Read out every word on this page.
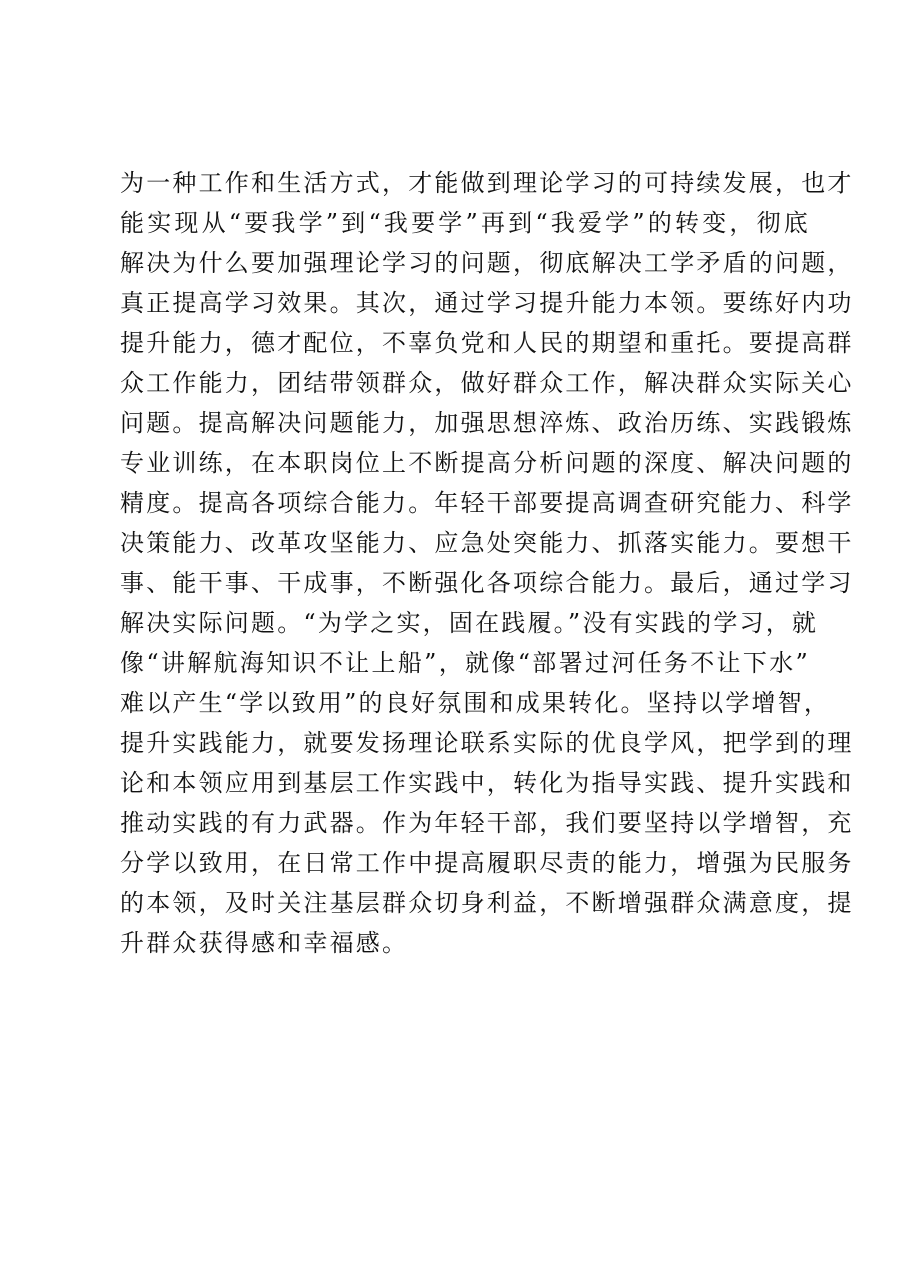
为一种工作和生活方式，才能做到理论学习的可持续发展，也才
能实现从“要我学”到“我要学”再到“我爱学”的转变，彻底
解决为什么要加强理论学习的问题，彻底解决工学矛盾的问题，
真正提高学习效果。其次，通过学习提升能力本领。要练好内功
提升能力，德才配位，不辜负党和人民的期望和重托。要提高群
众工作能力，团结带领群众，做好群众工作，解决群众实际关心
问题。提高解决问题能力，加强思想淬炼、政治历练、实践锻炼
专业训练，在本职岗位上不断提高分析问题的深度、解决问题的
精度。提高各项综合能力。年轻干部要提高调查研究能力、科学
决策能力、改革攻坚能力、应急处突能力、抓落实能力。要想干
事、能干事、干成事，不断强化各项综合能力。最后，通过学习
解决实际问题。“为学之实，固在践履。”没有实践的学习，就
像“讲解航海知识不让上船”，就像“部署过河任务不让下水”
难以产生“学以致用”的良好氛围和成果转化。坚持以学增智，
提升实践能力，就要发扬理论联系实际的优良学风，把学到的理
论和本领应用到基层工作实践中，转化为指导实践、提升实践和
推动实践的有力武器。作为年轻干部，我们要坚持以学增智，充
分学以致用，在日常工作中提高履职尽责的能力，增强为民服务
的本领，及时关注基层群众切身利益，不断增强群众满意度，提
升群众获得感和幸福感。
